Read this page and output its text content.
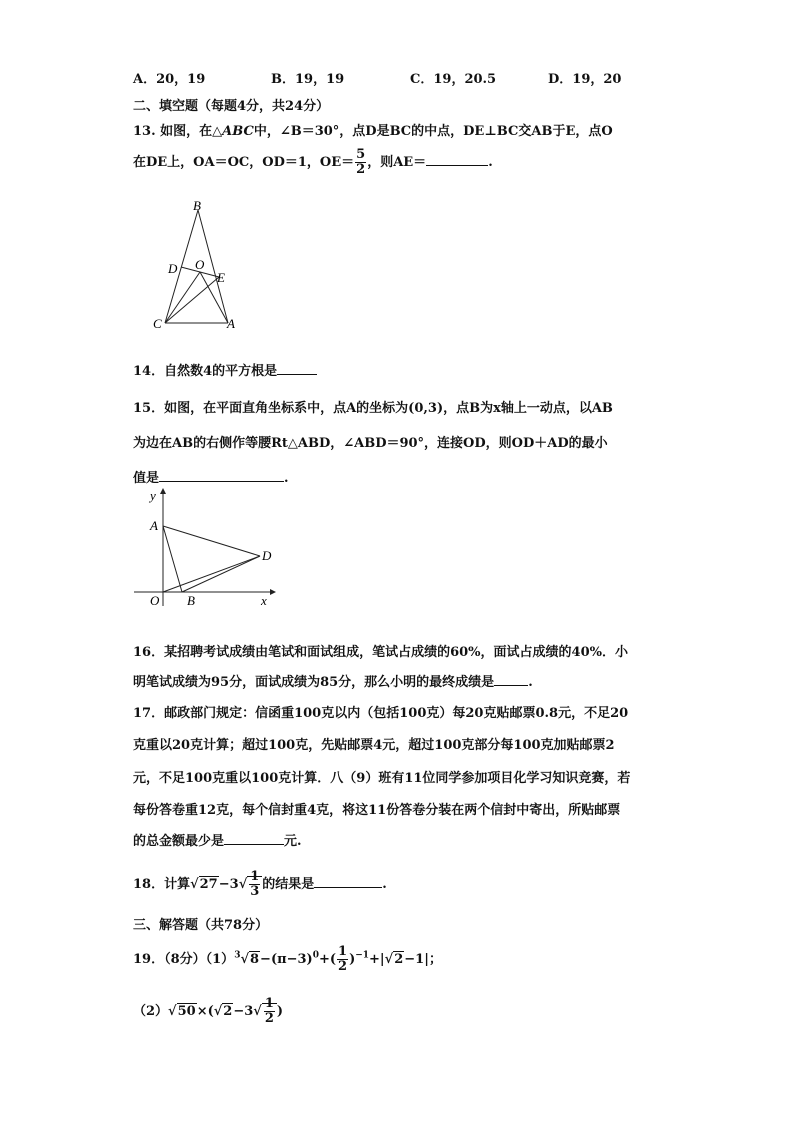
A．20，19	B．19，19	C．19，20.5	D．19，20
二、填空题（每题4分，共24分）
13. 如图，在△ABC中，∠B＝30°，点D是BC的中点，DE⊥BC交AB于E，点O
在DE上，OA＝OC，OD＝1，$OE= \frac{5}{2}$ ，则AE＝	.
B
D O
E
C	A
14．自然数4的平方根是
15．如图，在平面直角坐标系中，点A的坐标为(0,3)，点B为x轴上一动点，以AB
为边在AB的右侧作等腰Rt△ABD，∠ABD＝90°，连接OD，则OD＋AD的最小
值是	.
y
A
D
O B	x
16．某招聘考试成绩由笔试和面试组成，笔试占成绩的60%，面试占成绩的40%．小
明笔试成绩为95分，面试成绩为85分，那么小明的最终成绩是	.
17．邮政部门规定：信函重100克以内（包括100克）每20克贴邮票0.8元，不足20
克重以20克计算；超过100克，先贴邮票4元，超过100克部分每100克加贴邮票2
元，不足100克重以100克计算．八（9）班有11位同学参加项目化学习知识竞赛，若
每份答卷重12克，每个信封重4克，将这11份答卷分装在两个信封中寄出，所贴邮票
的总金额最少是	元.
18．计算$√27-3√ \frac{1}{3}$ 的结果是	.
三、解答题（共78分）
19．（8分）$(1)^3√8-(\pi-3)^0+( \frac{1}{2} )^{-1}+|√2-1|$；
$(2)√50\times(√2-3√ \frac{1}{2}$ )
